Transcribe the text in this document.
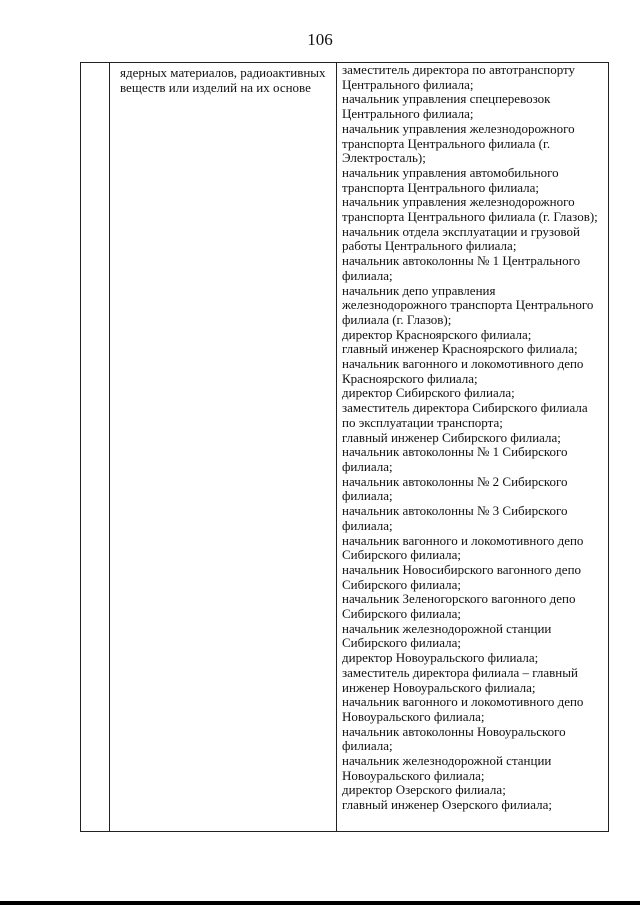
106

ядерных материалов, радиоактивных веществ или изделий на их основе

заместитель директора по автотранспорту Центрального филиала;
начальник управления спецперевозок Центрального филиала;
начальник управления железнодорожного транспорта Центрального филиала (г. Электросталь);
начальник управления автомобильного транспорта Центрального филиала;
начальник управления железнодорожного транспорта Центрального филиала (г. Глазов);
начальник отдела эксплуатации и грузовой работы Центрального филиала;
начальник автоколонны № 1 Центрального филиала;
начальник депо управления железнодорожного транспорта Центрального филиала (г. Глазов);
директор Красноярского филиала;
главный инженер Красноярского филиала;
начальник вагонного и локомотивного депо Красноярского филиала;
директор Сибирского филиала;
заместитель директора Сибирского филиала по эксплуатации транспорта;
главный инженер Сибирского филиала;
начальник автоколонны № 1 Сибирского филиала;
начальник автоколонны № 2 Сибирского филиала;
начальник автоколонны № 3 Сибирского филиала;
начальник вагонного и локомотивного депо Сибирского филиала;
начальник Новосибирского вагонного депо Сибирского филиала;
начальник Зеленогорского вагонного депо Сибирского филиала;
начальник железнодорожной станции Сибирского филиала;
директор Новоуральского филиала;
заместитель директора филиала – главный инженер Новоуральского филиала;
начальник вагонного и локомотивного депо Новоуральского филиала;
начальник автоколонны Новоуральского филиала;
начальник железнодорожной станции Новоуральского филиала;
директор Озерского филиала;
главный инженер Озерского филиала;
